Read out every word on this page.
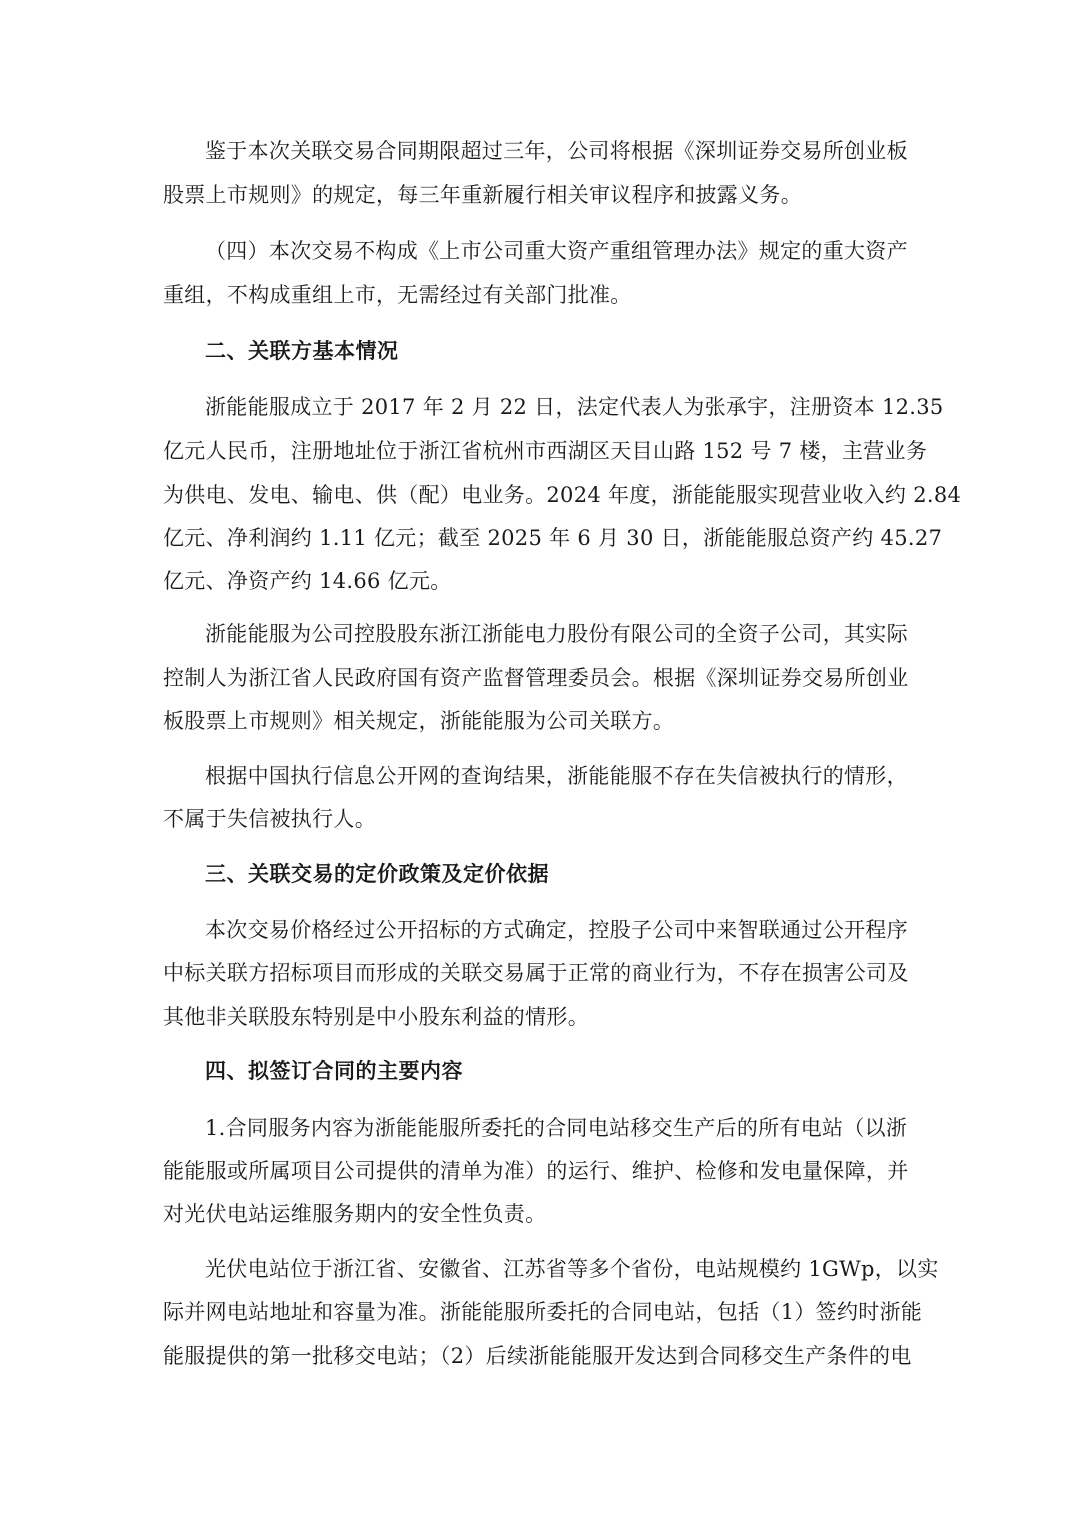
鉴于本次关联交易合同期限超过三年，公司将根据《深圳证券交易所创业板

股票上市规则》的规定，每三年重新履行相关审议程序和披露义务。

（四）本次交易不构成《上市公司重大资产重组管理办法》规定的重大资产

重组，不构成重组上市，无需经过有关部门批准。

二、关联方基本情况

浙能能服成立于 2017 年 2 月 22 日，法定代表人为张承宇，注册资本 12.35

亿元人民币，注册地址位于浙江省杭州市西湖区天目山路 152 号 7 楼，主营业务

为供电、发电、输电、供（配）电业务。2024 年度，浙能能服实现营业收入约 2.84

亿元、净利润约 1.11 亿元；截至 2025 年 6 月 30 日，浙能能服总资产约 45.27

亿元、净资产约 14.66 亿元。

浙能能服为公司控股股东浙江浙能电力股份有限公司的全资子公司，其实际

控制人为浙江省人民政府国有资产监督管理委员会。根据《深圳证券交易所创业

板股票上市规则》相关规定，浙能能服为公司关联方。

根据中国执行信息公开网的查询结果，浙能能服不存在失信被执行的情形，

不属于失信被执行人。

三、关联交易的定价政策及定价依据

本次交易价格经过公开招标的方式确定，控股子公司中来智联通过公开程序

中标关联方招标项目而形成的关联交易属于正常的商业行为，不存在损害公司及

其他非关联股东特别是中小股东利益的情形。

四、拟签订合同的主要内容

1.合同服务内容为浙能能服所委托的合同电站移交生产后的所有电站（以浙

能能服或所属项目公司提供的清单为准）的运行、维护、检修和发电量保障，并

对光伏电站运维服务期内的安全性负责。

光伏电站位于浙江省、安徽省、江苏省等多个省份，电站规模约 1GWp，以实

际并网电站地址和容量为准。浙能能服所委托的合同电站，包括（1）签约时浙能

能服提供的第一批移交电站；（2）后续浙能能服开发达到合同移交生产条件的电
